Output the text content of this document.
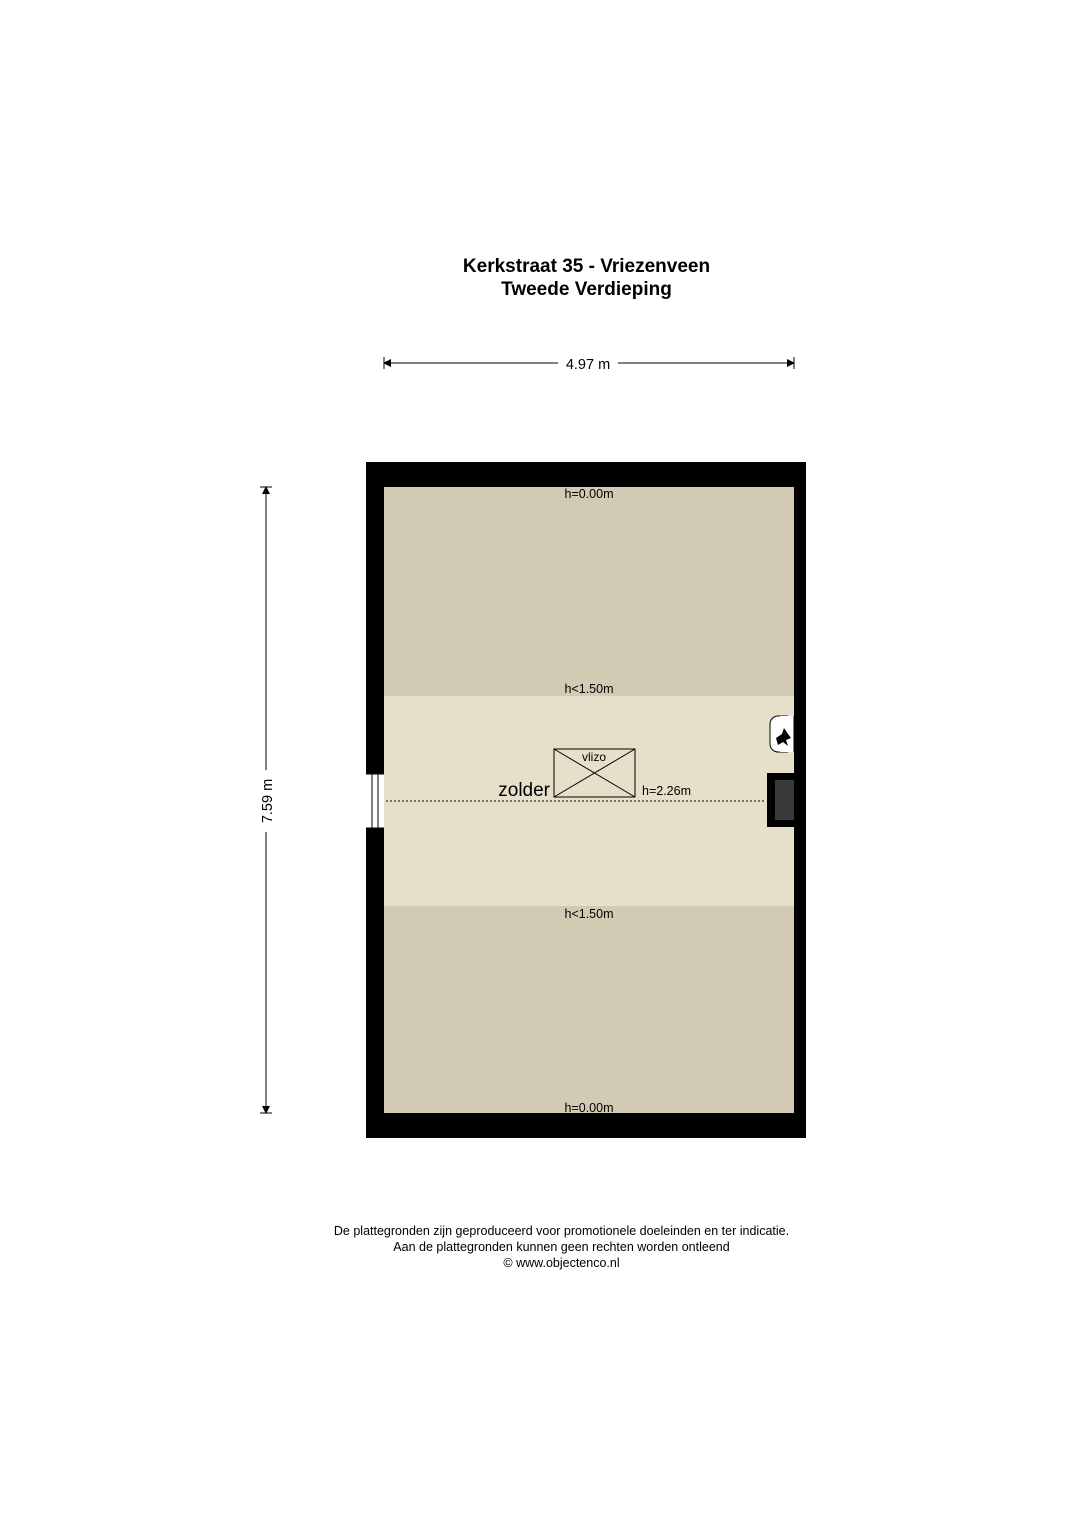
Kerkstraat 35 - Vriezenveen
Tweede Verdieping
4.97 m
7.59 m
vlizo
zolder	h=2.26m
h=0.00m
h<1.50m
h<1.50m
h=0.00m
De plattegronden zijn geproduceerd voor promotionele doeleinden en ter indicatie.
Aan de plattegronden kunnen geen rechten worden ontleend
© www.objectenco.nl
